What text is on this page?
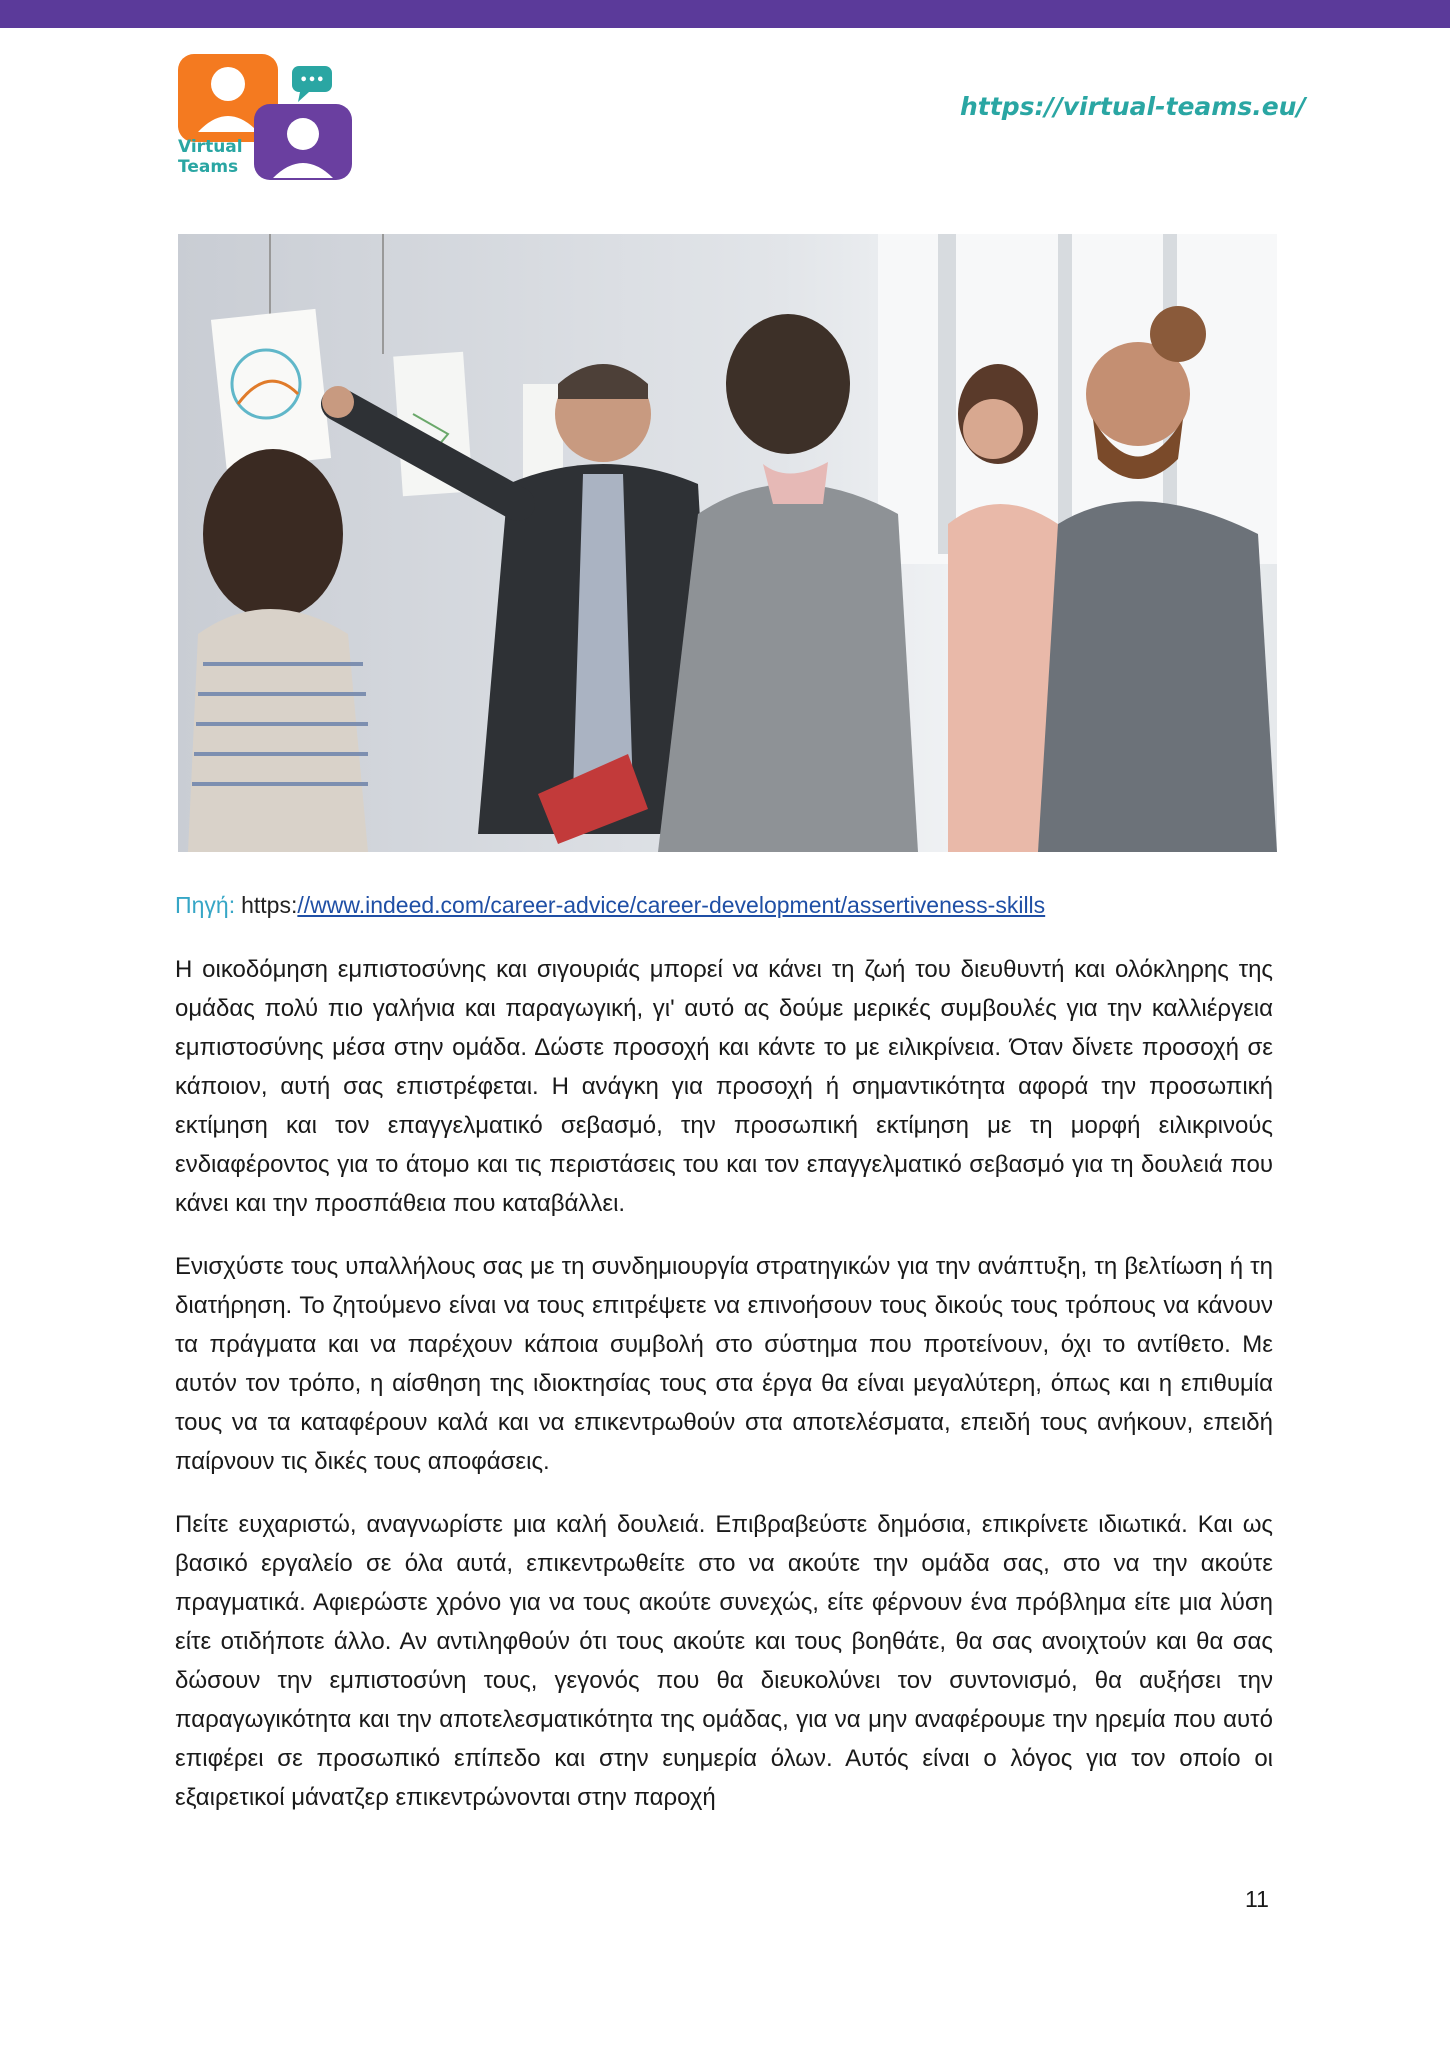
•••
Virtual
Teams
https://virtual-teams.eu/
Πηγή: https://www.indeed.com/career-advice/career-development/assertiveness-skills

Η οικοδόμηση εμπιστοσύνης και σιγουριάς μπορεί να κάνει τη ζωή του διευθυντή και ολόκληρης της ομάδας πολύ πιο γαλήνια και παραγωγική, γι' αυτό ας δούμε μερικές συμβουλές για την καλλιέργεια εμπιστοσύνης μέσα στην ομάδα. Δώστε προσοχή και κάντε το με ειλικρίνεια. Όταν δίνετε προσοχή σε κάποιον, αυτή σας επιστρέφεται. Η ανάγκη για προσοχή ή σημαντικότητα αφορά την προσωπική εκτίμηση και τον επαγγελματικό σεβασμό, την προσωπική εκτίμηση με τη μορφή ειλικρινούς ενδιαφέροντος για το άτομο και τις περιστάσεις του και τον επαγγελματικό σεβασμό για τη δουλειά που κάνει και την προσπάθεια που καταβάλλει.

Ενισχύστε τους υπαλλήλους σας με τη συνδημιουργία στρατηγικών για την ανάπτυξη, τη βελτίωση ή τη διατήρηση. Το ζητούμενο είναι να τους επιτρέψετε να επινοήσουν τους δικούς τους τρόπους να κάνουν τα πράγματα και να παρέχουν κάποια συμβολή στο σύστημα που προτείνουν, όχι το αντίθετο. Με αυτόν τον τρόπο, η αίσθηση της ιδιοκτησίας τους στα έργα θα είναι μεγαλύτερη, όπως και η επιθυμία τους να τα καταφέρουν καλά και να επικεντρωθούν στα αποτελέσματα, επειδή τους ανήκουν, επειδή παίρνουν τις δικές τους αποφάσεις.

Πείτε ευχαριστώ, αναγνωρίστε μια καλή δουλειά. Επιβραβεύστε δημόσια, επικρίνετε ιδιωτικά. Και ως βασικό εργαλείο σε όλα αυτά, επικεντρωθείτε στο να ακούτε την ομάδα σας, στο να την ακούτε πραγματικά. Αφιερώστε χρόνο για να τους ακούτε συνεχώς, είτε φέρνουν ένα πρόβλημα είτε μια λύση είτε οτιδήποτε άλλο. Αν αντιληφθούν ότι τους ακούτε και τους βοηθάτε, θα σας ανοιχτούν και θα σας δώσουν την εμπιστοσύνη τους, γεγονός που θα διευκολύνει τον συντονισμό, θα αυξήσει την παραγωγικότητα και την αποτελεσματικότητα της ομάδας, για να μην αναφέρουμε την ηρεμία που αυτό επιφέρει σε προσωπικό επίπεδο και στην ευημερία όλων. Αυτός είναι ο λόγος για τον οποίο οι εξαιρετικοί μάνατζερ επικεντρώνονται στην παροχή

11
